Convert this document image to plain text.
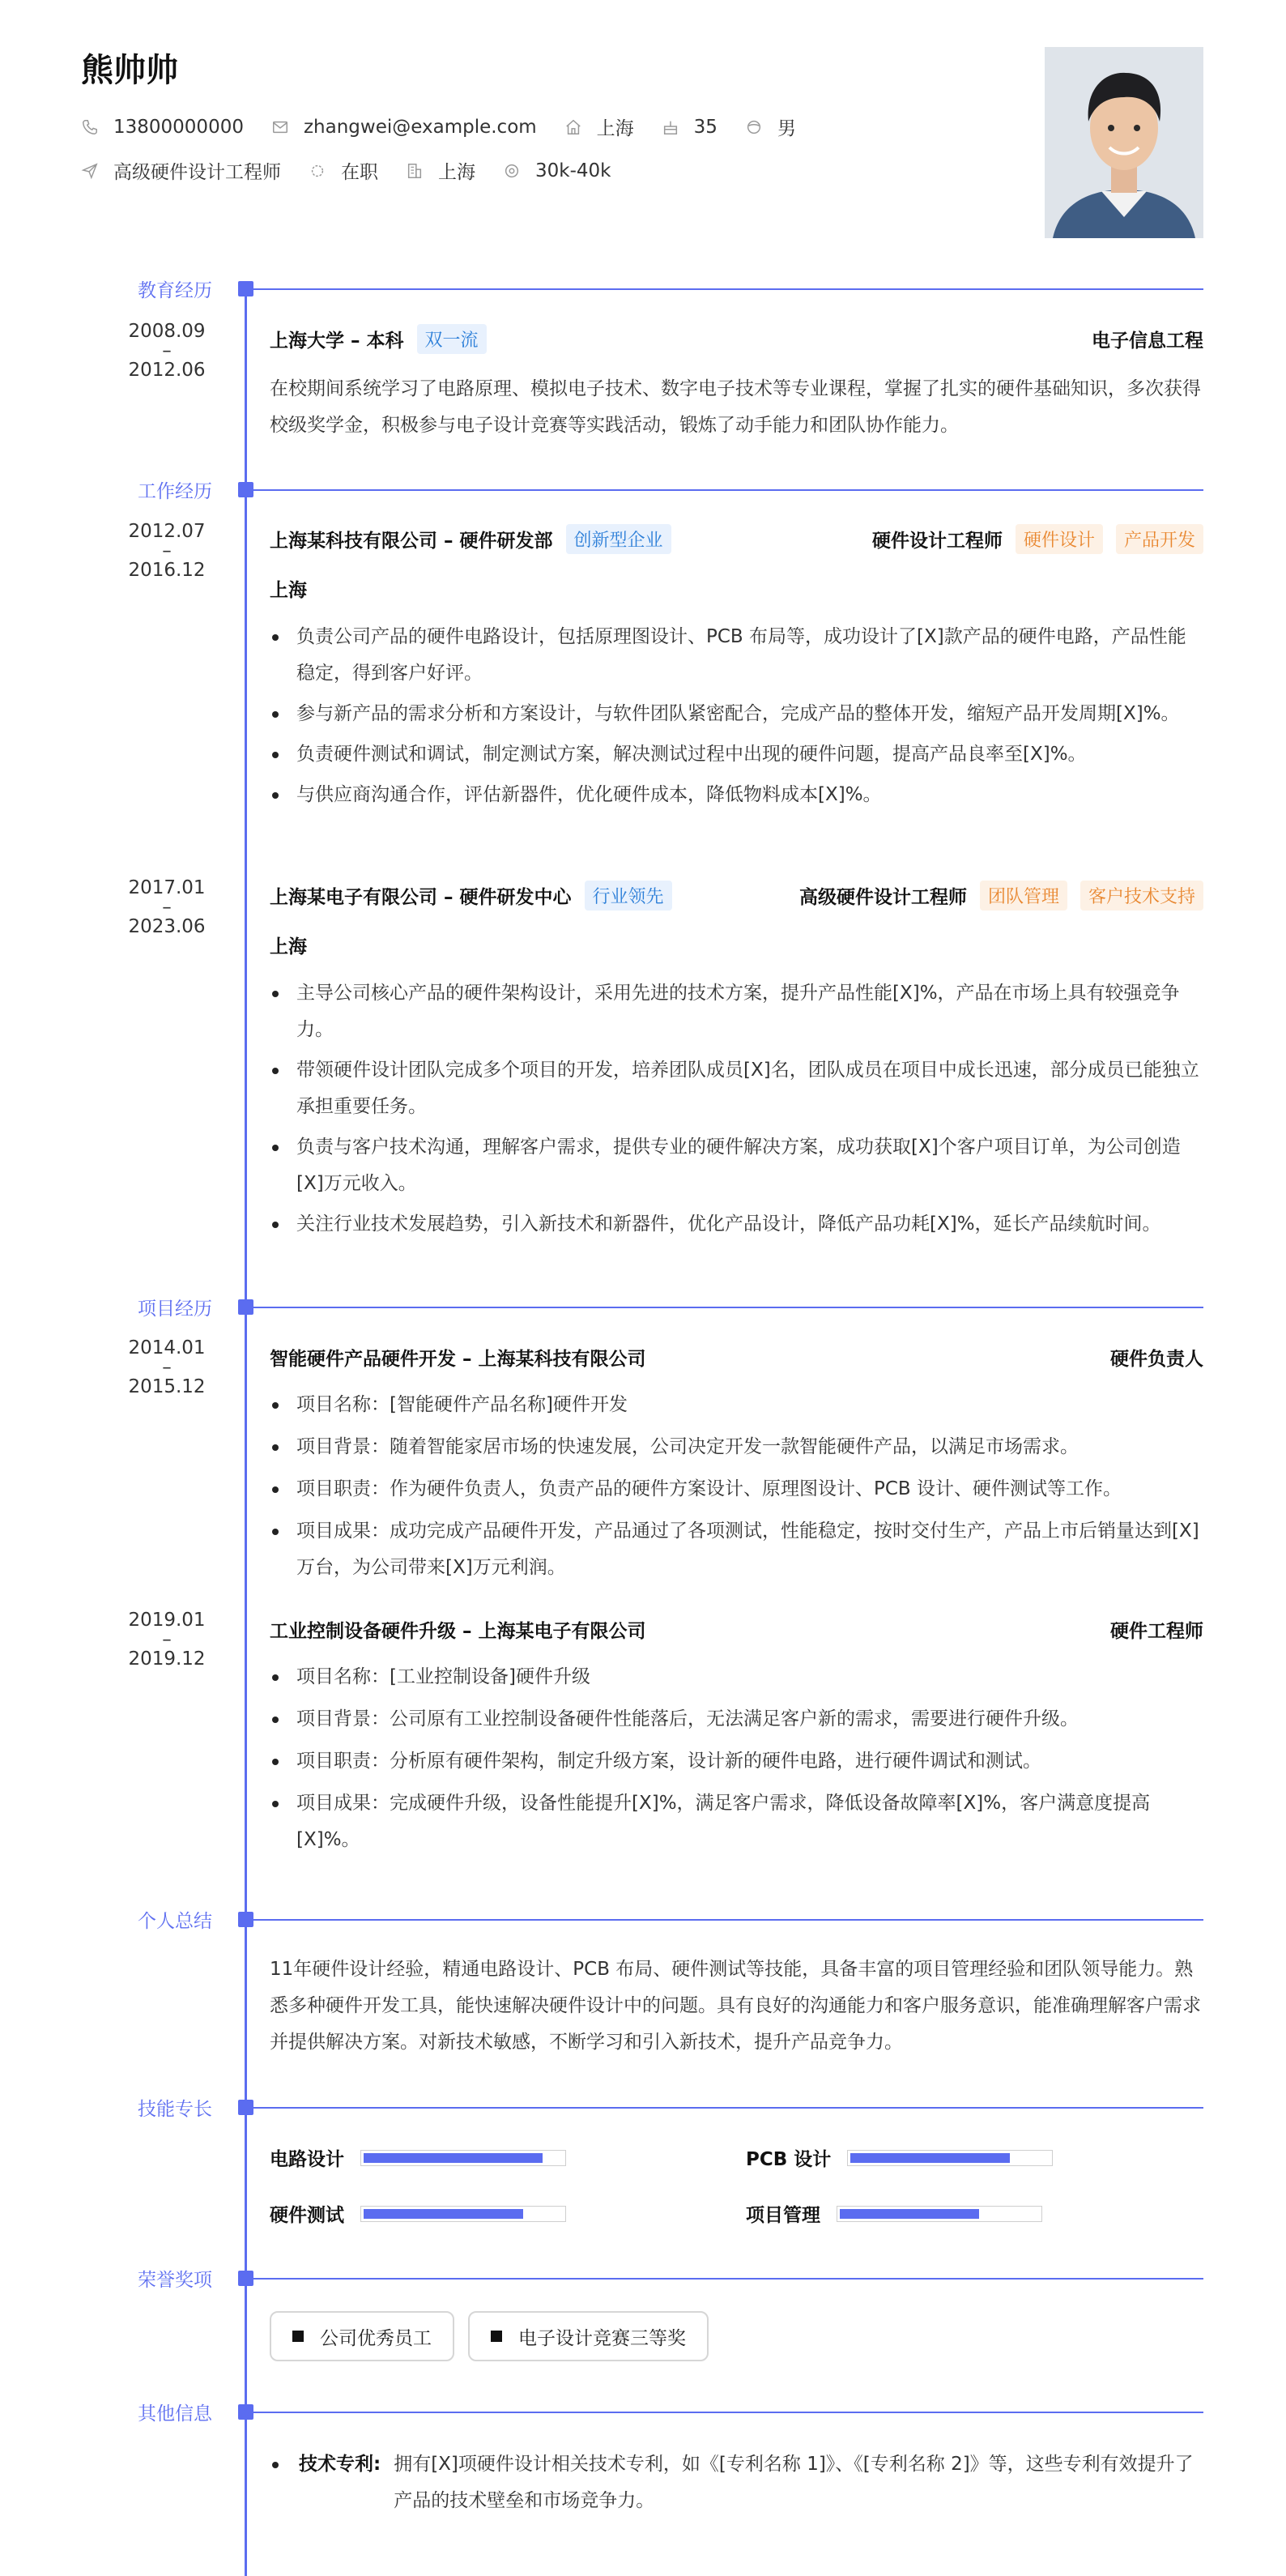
熊帅帅
13800000000	zhangwei@example.com	上海	35	男
高级硬件设计工程师	在职	上海	30k-40k
教育经历
2008.09
–
2012.06
上海大学 – 本科	双一流	电子信息工程
在校期间系统学习了电路原理、模拟电子技术、数字电子技术等专业课程，掌握了扎实的硬件基础知识，多次获得校级奖学金，积极参与电子设计竞赛等实践活动，锻炼了动手能力和团队协作能力。
工作经历
2012.07
–
2016.12
上海某科技有限公司 – 硬件研发部	创新型企业	硬件设计工程师	硬件设计	产品开发
上海
负责公司产品的硬件电路设计，包括原理图设计、PCB 布局等，成功设计了[X]款产品的硬件电路，产品性能稳定，得到客户好评。
参与新产品的需求分析和方案设计，与软件团队紧密配合，完成产品的整体开发，缩短产品开发周期[X]%。
负责硬件测试和调试，制定测试方案，解决测试过程中出现的硬件问题，提高产品良率至[X]%。
与供应商沟通合作，评估新器件，优化硬件成本，降低物料成本[X]%。
2017.01
–
2023.06
上海某电子有限公司 – 硬件研发中心	行业领先	高级硬件设计工程师	团队管理	客户技术支持
上海
主导公司核心产品的硬件架构设计，采用先进的技术方案，提升产品性能[X]%，产品在市场上具有较强竞争力。
带领硬件设计团队完成多个项目的开发，培养团队成员[X]名，团队成员在项目中成长迅速，部分成员已能独立承担重要任务。
负责与客户技术沟通，理解客户需求，提供专业的硬件解决方案，成功获取[X]个客户项目订单，为公司创造[X]万元收入。
关注行业技术发展趋势，引入新技术和新器件，优化产品设计，降低产品功耗[X]%，延长产品续航时间。
项目经历
2014.01
–
2015.12
智能硬件产品硬件开发 – 上海某科技有限公司	硬件负责人
项目名称：[智能硬件产品名称]硬件开发
项目背景：随着智能家居市场的快速发展，公司决定开发一款智能硬件产品，以满足市场需求。
项目职责：作为硬件负责人，负责产品的硬件方案设计、原理图设计、PCB 设计、硬件测试等工作。
项目成果：成功完成产品硬件开发，产品通过了各项测试，性能稳定，按时交付生产，产品上市后销量达到[X]万台，为公司带来[X]万元利润。
2019.01
–
2019.12
工业控制设备硬件升级 – 上海某电子有限公司	硬件工程师
项目名称：[工业控制设备]硬件升级
项目背景：公司原有工业控制设备硬件性能落后，无法满足客户新的需求，需要进行硬件升级。
项目职责：分析原有硬件架构，制定升级方案，设计新的硬件电路，进行硬件调试和测试。
项目成果：完成硬件升级，设备性能提升[X]%，满足客户需求，降低设备故障率[X]%，客户满意度提高[X]%。
个人总结
11年硬件设计经验，精通电路设计、PCB 布局、硬件测试等技能，具备丰富的项目管理经验和团队领导能力。熟悉多种硬件开发工具，能快速解决硬件设计中的问题。具有良好的沟通能力和客户服务意识，能准确理解客户需求并提供解决方案。对新技术敏感，不断学习和引入新技术，提升产品竞争力。
技能专长
电路设计	PCB 设计
硬件测试	项目管理
荣誉奖项
公司优秀员工	电子设计竞赛三等奖
其他信息
技术专利: 拥有[X]项硬件设计相关技术专利，如《[专利名称 1]》、《[专利名称 2]》等，这些专利有效提升了产品的技术壁垒和市场竞争力。
